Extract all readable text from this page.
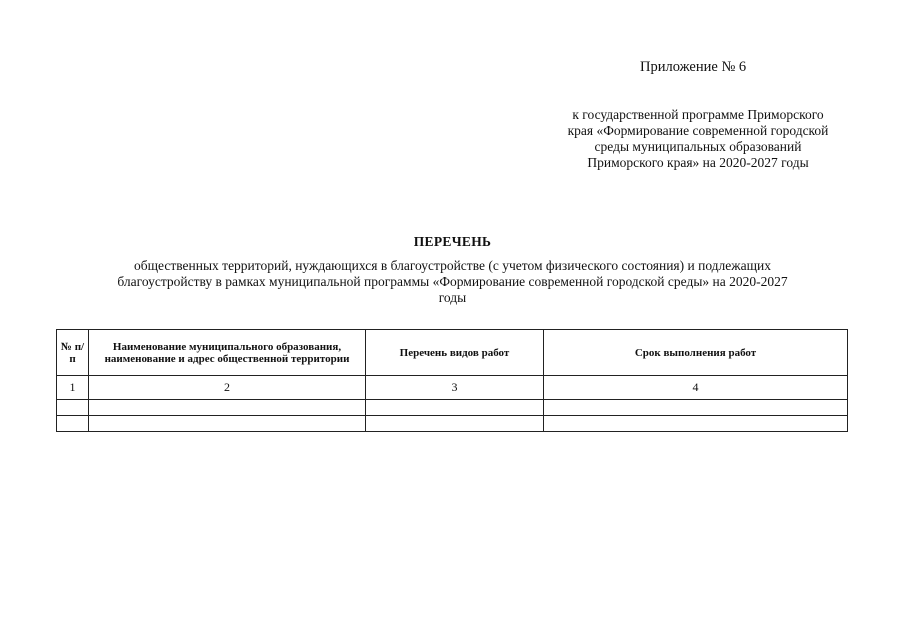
Приложение № 6
к государственной программе Приморского
края «Формирование современной городской
среды муниципальных образований
Приморского края» на 2020-2027 годы
ПЕРЕЧЕНЬ
общественных территорий, нуждающихся в благоустройстве (с учетом физического состояния) и подлежащих
благоустройству в рамках муниципальной программы «Формирование современной городской среды» на 2020-2027
годы
№ п/п	Наименование муниципального образования, наименование и адрес общественной территории	Перечень видов работ	Срок выполнения работ
1	2	3	4
